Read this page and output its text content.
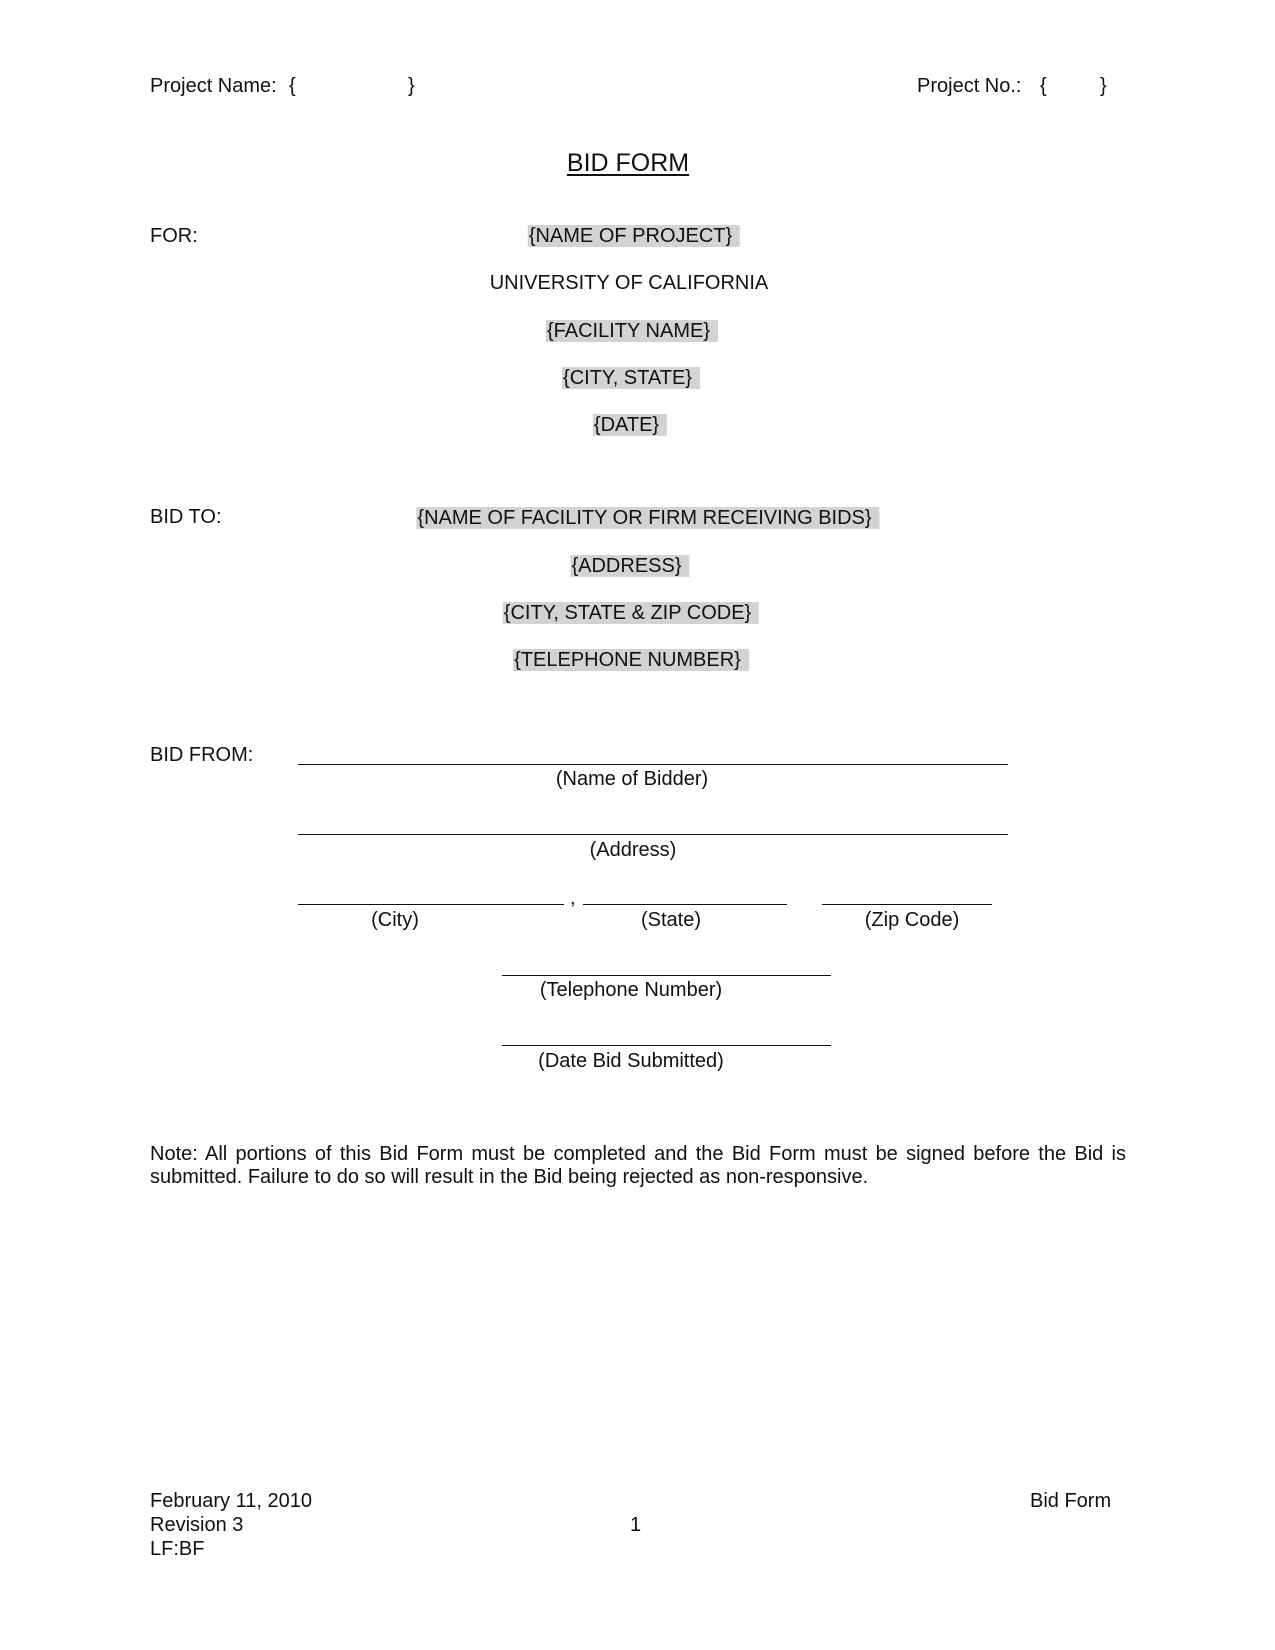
Project Name: {	}	Project No.: {	}
BID FORM
FOR:	{NAME OF PROJECT}
UNIVERSITY OF CALIFORNIA
{FACILITY NAME}
{CITY, STATE}
{DATE}
BID TO:	{NAME OF FACILITY OR FIRM RECEIVING BIDS}
{ADDRESS}
{CITY, STATE & ZIP CODE}
{TELEPHONE NUMBER}
BID FROM:
(Name of Bidder)
(Address)
,
(City)	(State)	(Zip Code)
(Telephone Number)
(Date Bid Submitted)
Note: All portions of this Bid Form must be completed and the Bid Form must be signed before the Bid is submitted. Failure to do so will result in the Bid being rejected as non-responsive.
February 11, 2010
Revision 3
LF:BF
1
Bid Form
